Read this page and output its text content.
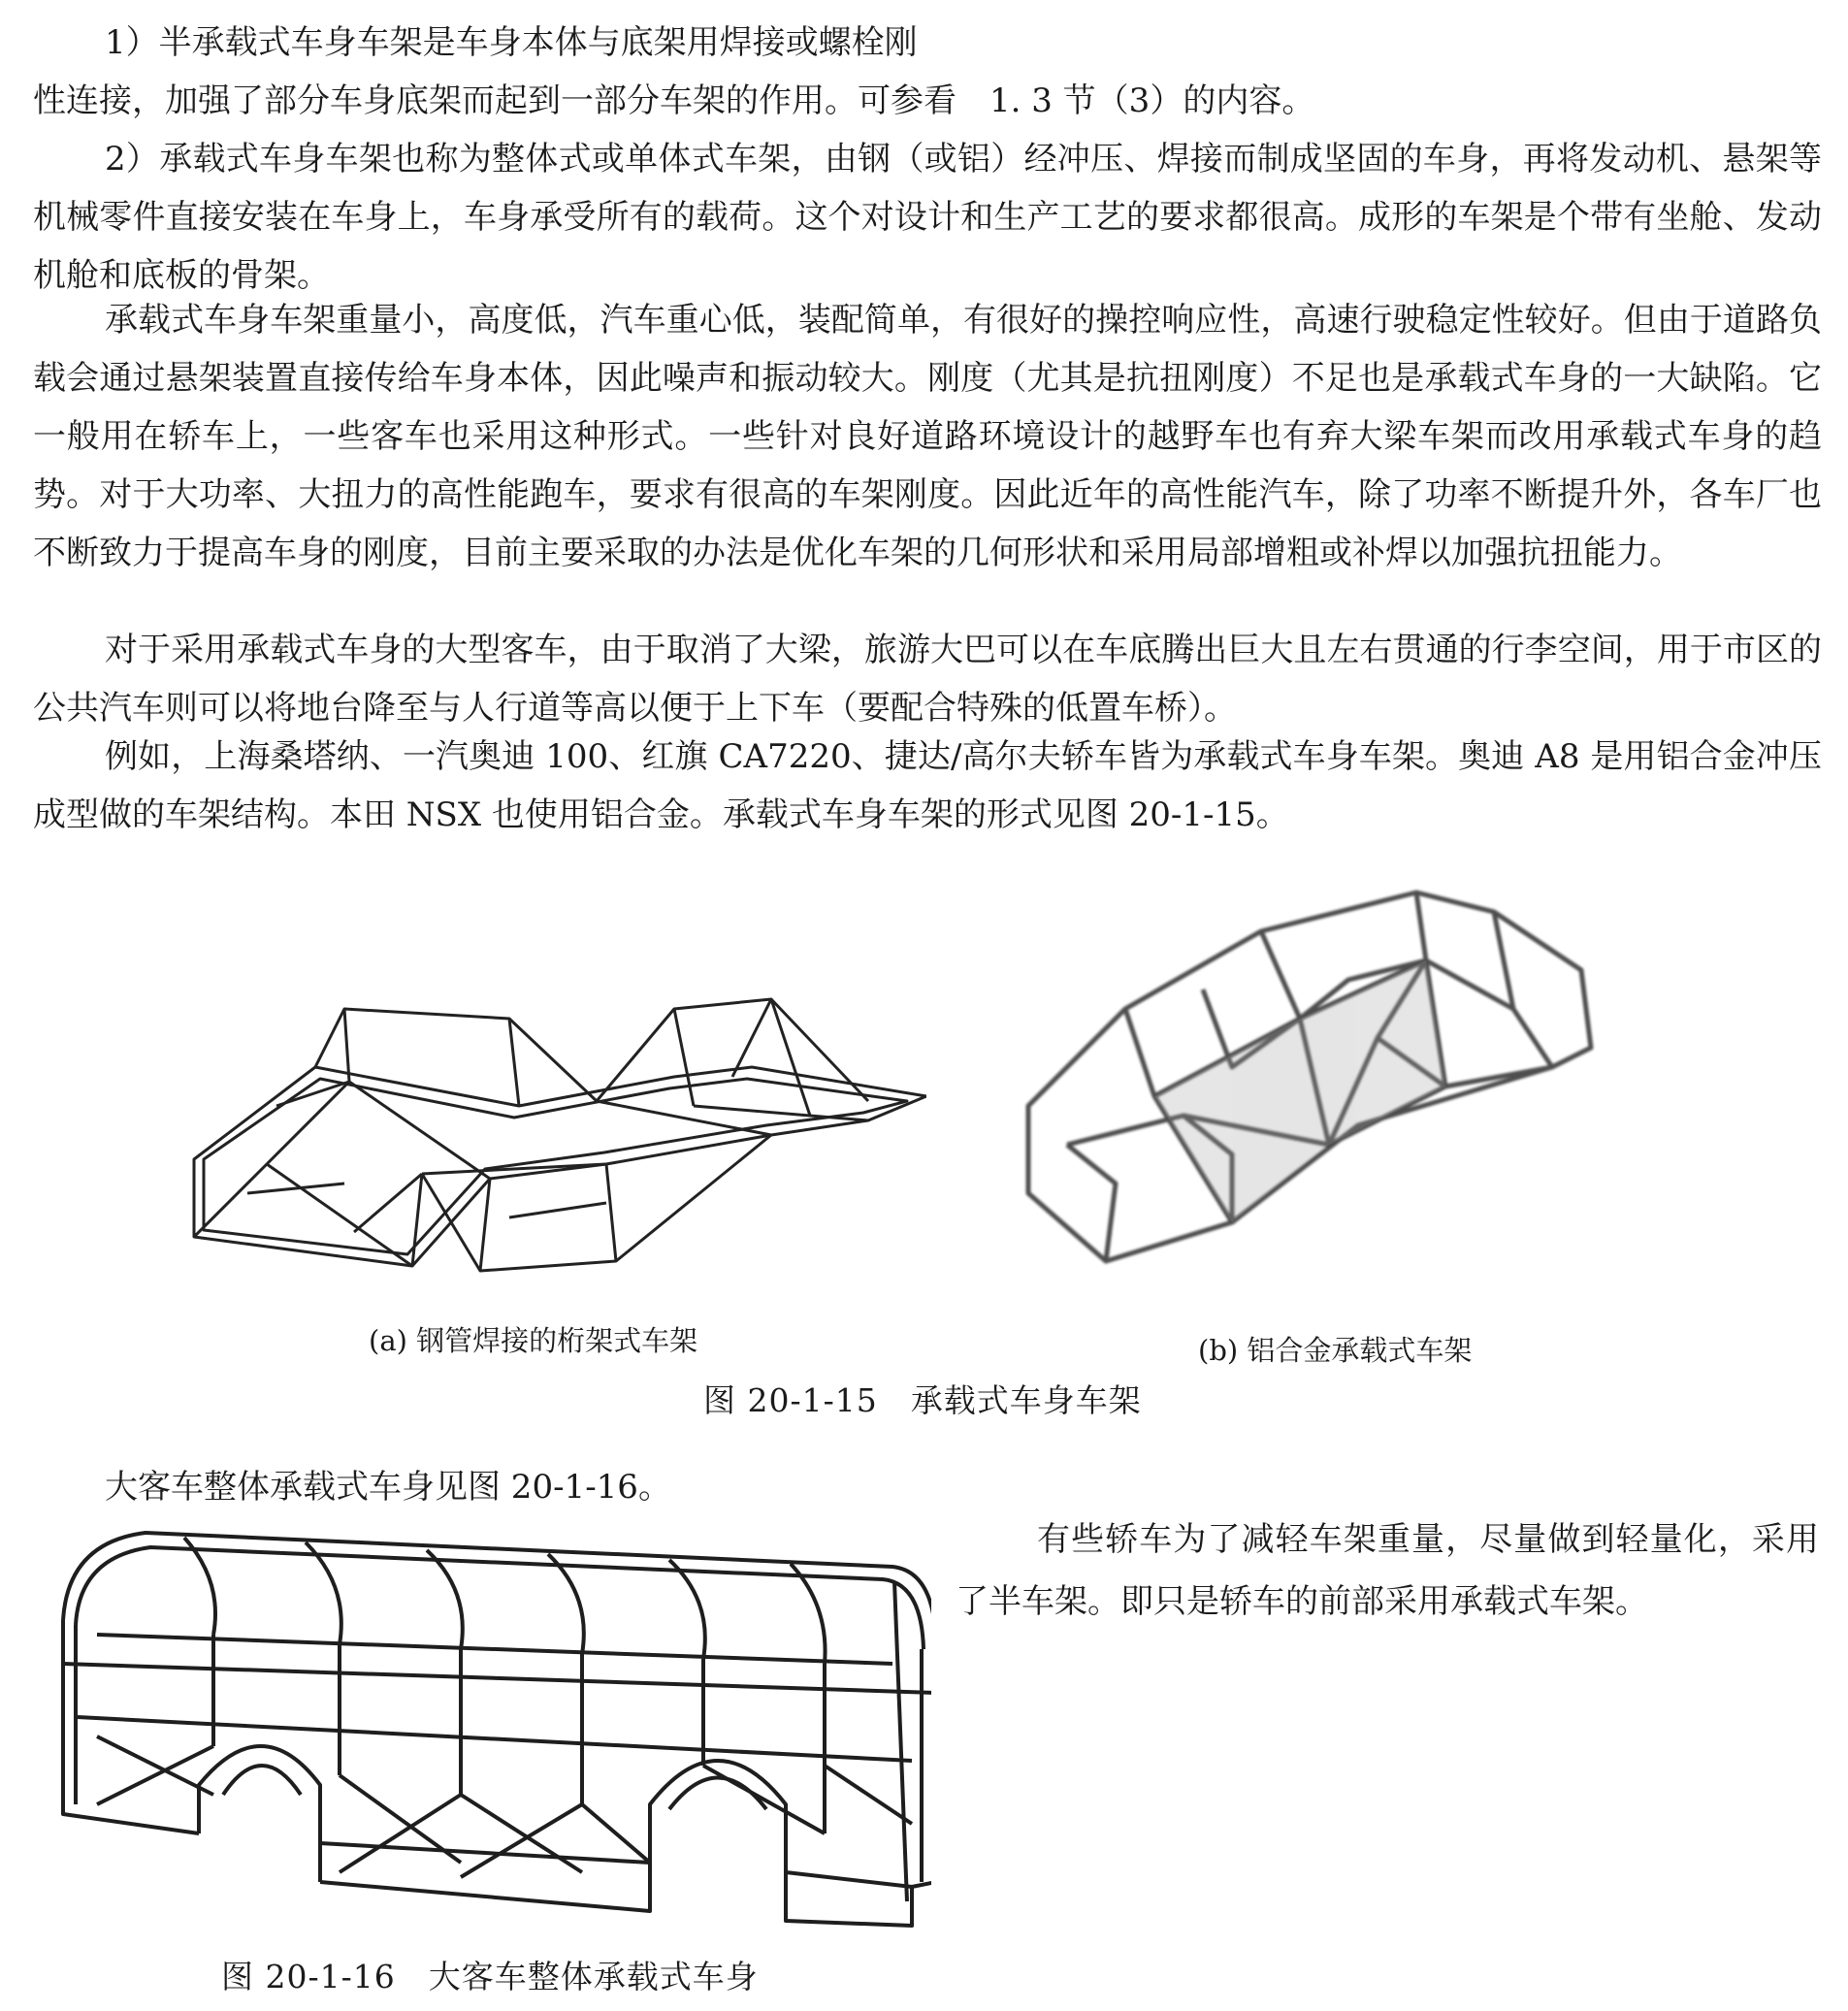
1）半承载式车身车架是车身本体与底架用焊接或螺栓刚

性连接，加强了部分车身底架而起到一部分车架的作用。可参看　1. 3 节（3）的内容。

2）承载式车身车架也称为整体式或单体式车架，由钢（或铝）经冲压、焊接而制成坚固的车身，再将发动机、悬架等机械零件直接安装在车身上，车身承受所有的载荷。这个对设计和生产工艺的要求都很高。成形的车架是个带有坐舱、发动机舱和底板的骨架。

承载式车身车架重量小，高度低，汽车重心低，装配简单，有很好的操控响应性，高速行驶稳定性较好。但由于道路负载会通过悬架装置直接传给车身本体，因此噪声和振动较大。刚度（尤其是抗扭刚度）不足也是承载式车身的一大缺陷。它一般用在轿车上，一些客车也采用这种形式。一些针对良好道路环境设计的越野车也有弃大梁车架而改用承载式车身的趋势。对于大功率、大扭力的高性能跑车，要求有很高的车架刚度。因此近年的高性能汽车，除了功率不断提升外，各车厂也不断致力于提高车身的刚度，目前主要采取的办法是优化车架的几何形状和采用局部增粗或补焊以加强抗扭能力。

对于采用承载式车身的大型客车，由于取消了大梁，旅游大巴可以在车底腾出巨大且左右贯通的行李空间，用于市区的公共汽车则可以将地台降至与人行道等高以便于上下车（要配合特殊的低置车桥）。

例如，上海桑塔纳、一汽奥迪 100、红旗 CA7220、捷达/高尔夫轿车皆为承载式车身车架。奥迪 A8 是用铝合金冲压成型做的车架结构。本田 NSX 也使用铝合金。承载式车身车架的形式见图 20-1-15。

(a) 钢管焊接的桁架式车架	(b) 铝合金承载式车架
图 20-1-15　承载式车身车架
大客车整体承载式车身见图 20-1-16。

有些轿车为了减轻车架重量，尽量做到轻量化，采用了半车架。即只是轿车的前部采用承载式车架。

图 20-1-16　大客车整体承载式车身
